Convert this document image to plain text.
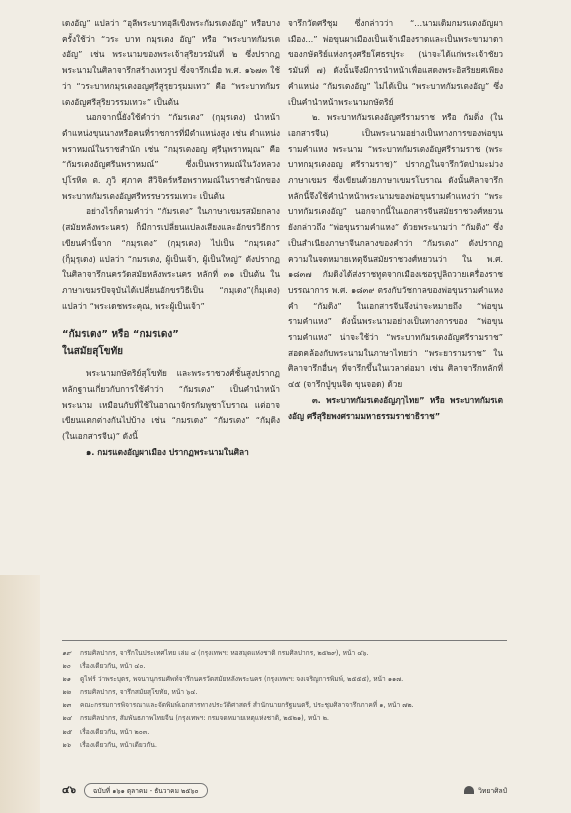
เดงอัญ” แปลว่า “อุลีพระบาทอุลีเขิงพระกัมรเดงอัญ” หรือบางครั้งใช้ว่า “วระ บาท กมฺรเตง อัญ” หรือ “พระบาทกัมรเดงอัญ” เช่น พระนามของพระเจ้าสุริยวรมันที่ ๒ ซึ่งปรากฏพระนามในศิลาจารึกสร้างเทวรูป ซึ่งจารึกเมื่อ พ.ศ. ๑๖๗๓ ใช้ว่า “วระบาทกมฺรเตงอญศฺรีสูรฺยวรฺมมเทว” คือ “พระบาทกัมรเตงอัญศรีสุริยวรรมเทวะ” เป็นต้น

นอกจากนี้ยังใช้คำว่า “กัมรเตง” (กฺมฺรเตง) นำหน้าตำแหน่งขุนนางหรือคนที่ราชการที่มีตำแหน่งสูง เช่น ตำแหน่งพราหมณ์ในราชสำนัก เช่น “กมฺรเตงอญ ศฺรีนฺพราหมฺณ” คือ “กัมรเตงอัญศรีนพราหมณ์” ซึ่งเป็นพราหมณ์ในวังหลวง ปุโรหิต ต. ภูวิ ศุภาค สีวิจิตร์หรือพราหมณ์ในราชสำนักของพระบาทกัมรเตงอัญศรีหรรษวรรมเทวะ เป็นต้น

อย่างไรก็ตามคำว่า “กัมรเตง” ในภาษาเขมรสมัยกลาง (สมัยหลังพระนคร) ก็มีการเปลี่ยนแปลงเสียงและอักขรวิธีการเขียนคำนี้จาก “กมฺรเตง” (กฺมฺรเตง) ไปเป็น “กมฺรเดง” (ก็ฺมฺรฺเดง) แปลว่า “กมรเดง, ผู้เป็นเจ้า, ผู้เป็นใหญ่” ดังปรากฏในศิลาจารึกนครวัดสมัยหลังพระนคร หลักที่ ๓๑ เป็นต้น ในภาษาเขมรปัจจุบันได้เปลี่ยนอักขรวิธีเป็น “กมฺเดง”(ก็มฺเตง) แปลว่า “พระเดชพระคุณ, พระผู้เป็นเจ้า”

“กัมรเตง” หรือ “กมรเดง”
ในสมัยสุโขทัย

พระนามกษัตริย์สุโขทัย และพระราชวงศ์ชั้นสูงปรากฏหลักฐานเกี่ยวกับการใช้คำว่า “กัมรเตง” เป็นคำนำหน้าพระนาม เหมือนกับที่ใช้ในอาณาจักรกัมพูชาโบราณ แต่อาจเขียนแตกต่างกันไปบ้าง เช่น “กมรเดง” “กัมรเตง” “กัมฺดิง (ในเอกสารจีน)” ดังนี้

๑. กมรแตงอัญผาเมือง ปรากฏพระนามในศิลา

จารึกวัดศรีชุม ซึ่งกล่าวว่า “...นามเดิมกมรแตงอัญผาเมือง...” พ่อขุนผาเมืองเป็นเจ้าเมืองราดและเป็นพระขามาดาของกษัตริย์แห่งกรุงศรียโศธรปุระ (น่าจะได้แก่พระเจ้าชัยวรมันที่ ๗) ดังนั้นจึงมีการนำหน้าเพื่อแสดงพระอิสริยยศเพียงคำแหน่ง “กัมรเตงอัญ” ไม่ได้เป็น “พระบาทกัมรเตงอัญ” ซึ่งเป็นคำนำหน้าพระนามกษัตริย์

๒. พระบาทกัมรเตงอัญศรีรามราช หรือ กัมดิ่ง (ในเอกสารจีน) เป็นพระนามอย่างเป็นทางการของพ่อขุนรามคำแหง พระนาม “พระบาทกัมรเตงอัญศรีรามราช (พระบาทกมฺรเตงอญ ศรีรามราช)” ปรากฏในจารึกวัดป่ามะม่วงภาษาเขมร ซึ่งเขียนด้วยภาษาเขมรโบราณ ดังนั้นศิลาจารึกหลักนี้จึงใช้คำนำหน้าพระนามของพ่อขุนรามคำแหงว่า “พระบาทกัมรเตงอัญ” นอกจากนี้ในเอกสารจีนสมัยราชวงศ์หยวนยังกล่าวถึง “พ่อขุนรามคำแหง” ด้วยพระนามว่า “กัมดิง” ซึ่งเป็นสำเนียงภาษาจีนกลางของคำว่า “กัมรเตง” ดังปรากฏความในจดหมายเหตุจีนสมัยราชวงศ์หยวนว่า ใน พ.ศ. ๑๘๓๗ กัมดิงได้ส่งราชทูตจากเมืองเชอรฺปูลิถวายเครื่องราชบรรณาการ พ.ศ. ๑๘๓๙ ตรงกับวัชกาลของพ่อขุนรามคำแหง คำ “กัมดิง” ในเอกสารจีนจึงน่าจะหมายถึง “พ่อขุนรามคำแหง” ดังนั้นพระนามอย่างเป็นทางการของ “พ่อขุนรามคำแหง” น่าจะใช้ว่า “พระบาทกัมรเตงอัญศรีรามราช” สอดคล้องกับพระนามในภาษาไทยว่า “พระยารามราช” ในศิลาจารึกอื่นๆ ที่จารึกขึ้นในเวลาต่อมา เช่น ศิลาจารึกหลักที่ ๔๕ (จารึกปู่ขุนจิด ขุนจอด) ด้วย

๓. พระบาทกัมรเตงอัญฦๅไทย” หรือ พระบาทกัมรเตงอัญ ศรีสุริยพงศรามมหาธรรมราชาธิราช”

๑๙	กรมศิลปากร, จารึกในประเทศไทย เล่ม ๔ (กรุงเทพฯ: หอสมุดแห่งชาติ กรมศิลปากร, ๒๕๒๙), หน้า ๔๖.
๒๐	เรื่องเดียวกัน, หน้า ๔๐.
๒๑	ดูไฟร์ ว่าพระบุตร, พจนานุกรมศัพท์จารึกนครวัดสมัยหลังพระนคร (กรุงเทพฯ: จงเจริญการพิมพ์, ๒๕๕๕), หน้า ๑๑๗.
๒๒	กรมศิลปากร, จารึกสมัยสุโขทัย, หน้า ๖๔.
๒๓	คณะกรรมการพิจารณาและจัดพิมพ์เอกสารทางประวัติศาสตร์ สำนักนายกรัฐมนตรี, ประชุมศิลาจารึกภาคที่ ๑, หน้า ๗๒.
๒๔	กรมศิลปากร, สัมพันธภาพไทยจีน (กรุงเทพฯ: กรมจดหมายเหตุแห่งชาติ, ๒๕๒๑), หน้า ๒.
๒๕	เรื่องเดียวกัน, หน้า ๒๐๓.
๒๖	เรื่องเดียวกัน, หน้าเดียวกัน.
๔๖	ฉบับที่ ๑๖๑ ตุลาคม - ธันวาคม ๒๕๖๐	วิทยาศิลป์
